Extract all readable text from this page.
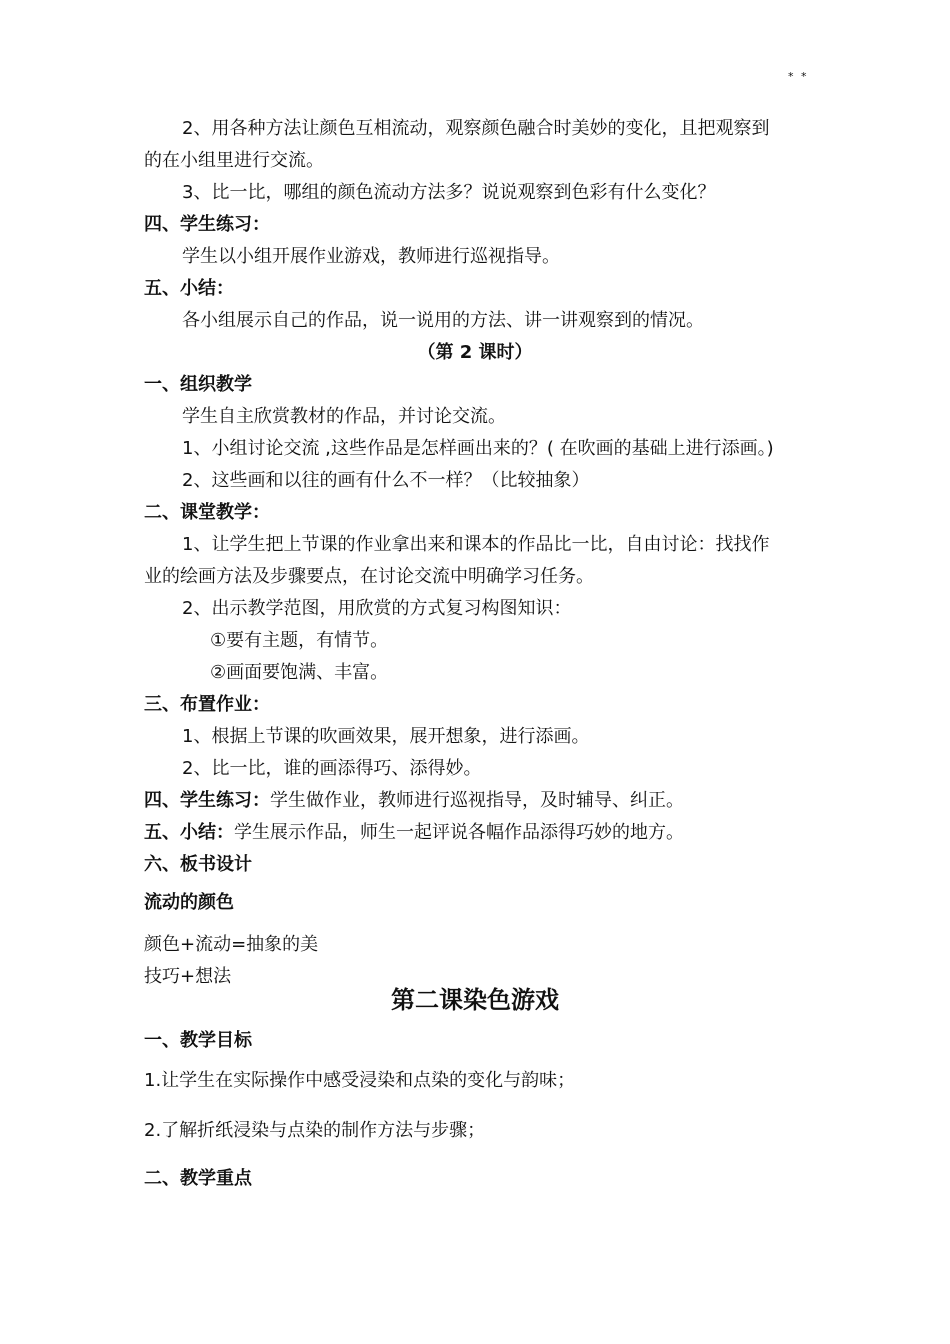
* *
2、用各种方法让颜色互相流动，观察颜色融合时美妙的变化，且把观察到
的在小组里进行交流。
3、比一比，哪组的颜色流动方法多？说说观察到色彩有什么变化？
四、学生练习：
学生以小组开展作业游戏，教师进行巡视指导。
五、小结：
各小组展示自己的作品，说一说用的方法、讲一讲观察到的情况。
（第 2 课时）
一、组织教学
学生自主欣赏教材的作品，并讨论交流。
1、小组讨论交流 ,这些作品是怎样画出来的？( 在吹画的基础上进行添画。)
2、这些画和以往的画有什么不一样？（比较抽象）
二、课堂教学：
1、让学生把上节课的作业拿出来和课本的作品比一比，自由讨论：找找作
业的绘画方法及步骤要点，在讨论交流中明确学习任务。
2、出示教学范图，用欣赏的方式复习构图知识：
①要有主题，有情节。
②画面要饱满、丰富。
三、布置作业：
1、根据上节课的吹画效果，展开想象，进行添画。
2、比一比，谁的画添得巧、添得妙。
四、学生练习：学生做作业，教师进行巡视指导，及时辅导、纠正。
五、小结：学生展示作品，师生一起评说各幅作品添得巧妙的地方。
六、板书设计
流动的颜色
颜色+流动=抽象的美
技巧+想法
第二课染色游戏
一、教学目标
1.让学生在实际操作中感受浸染和点染的变化与韵味；
2.了解折纸浸染与点染的制作方法与步骤；
二、教学重点
